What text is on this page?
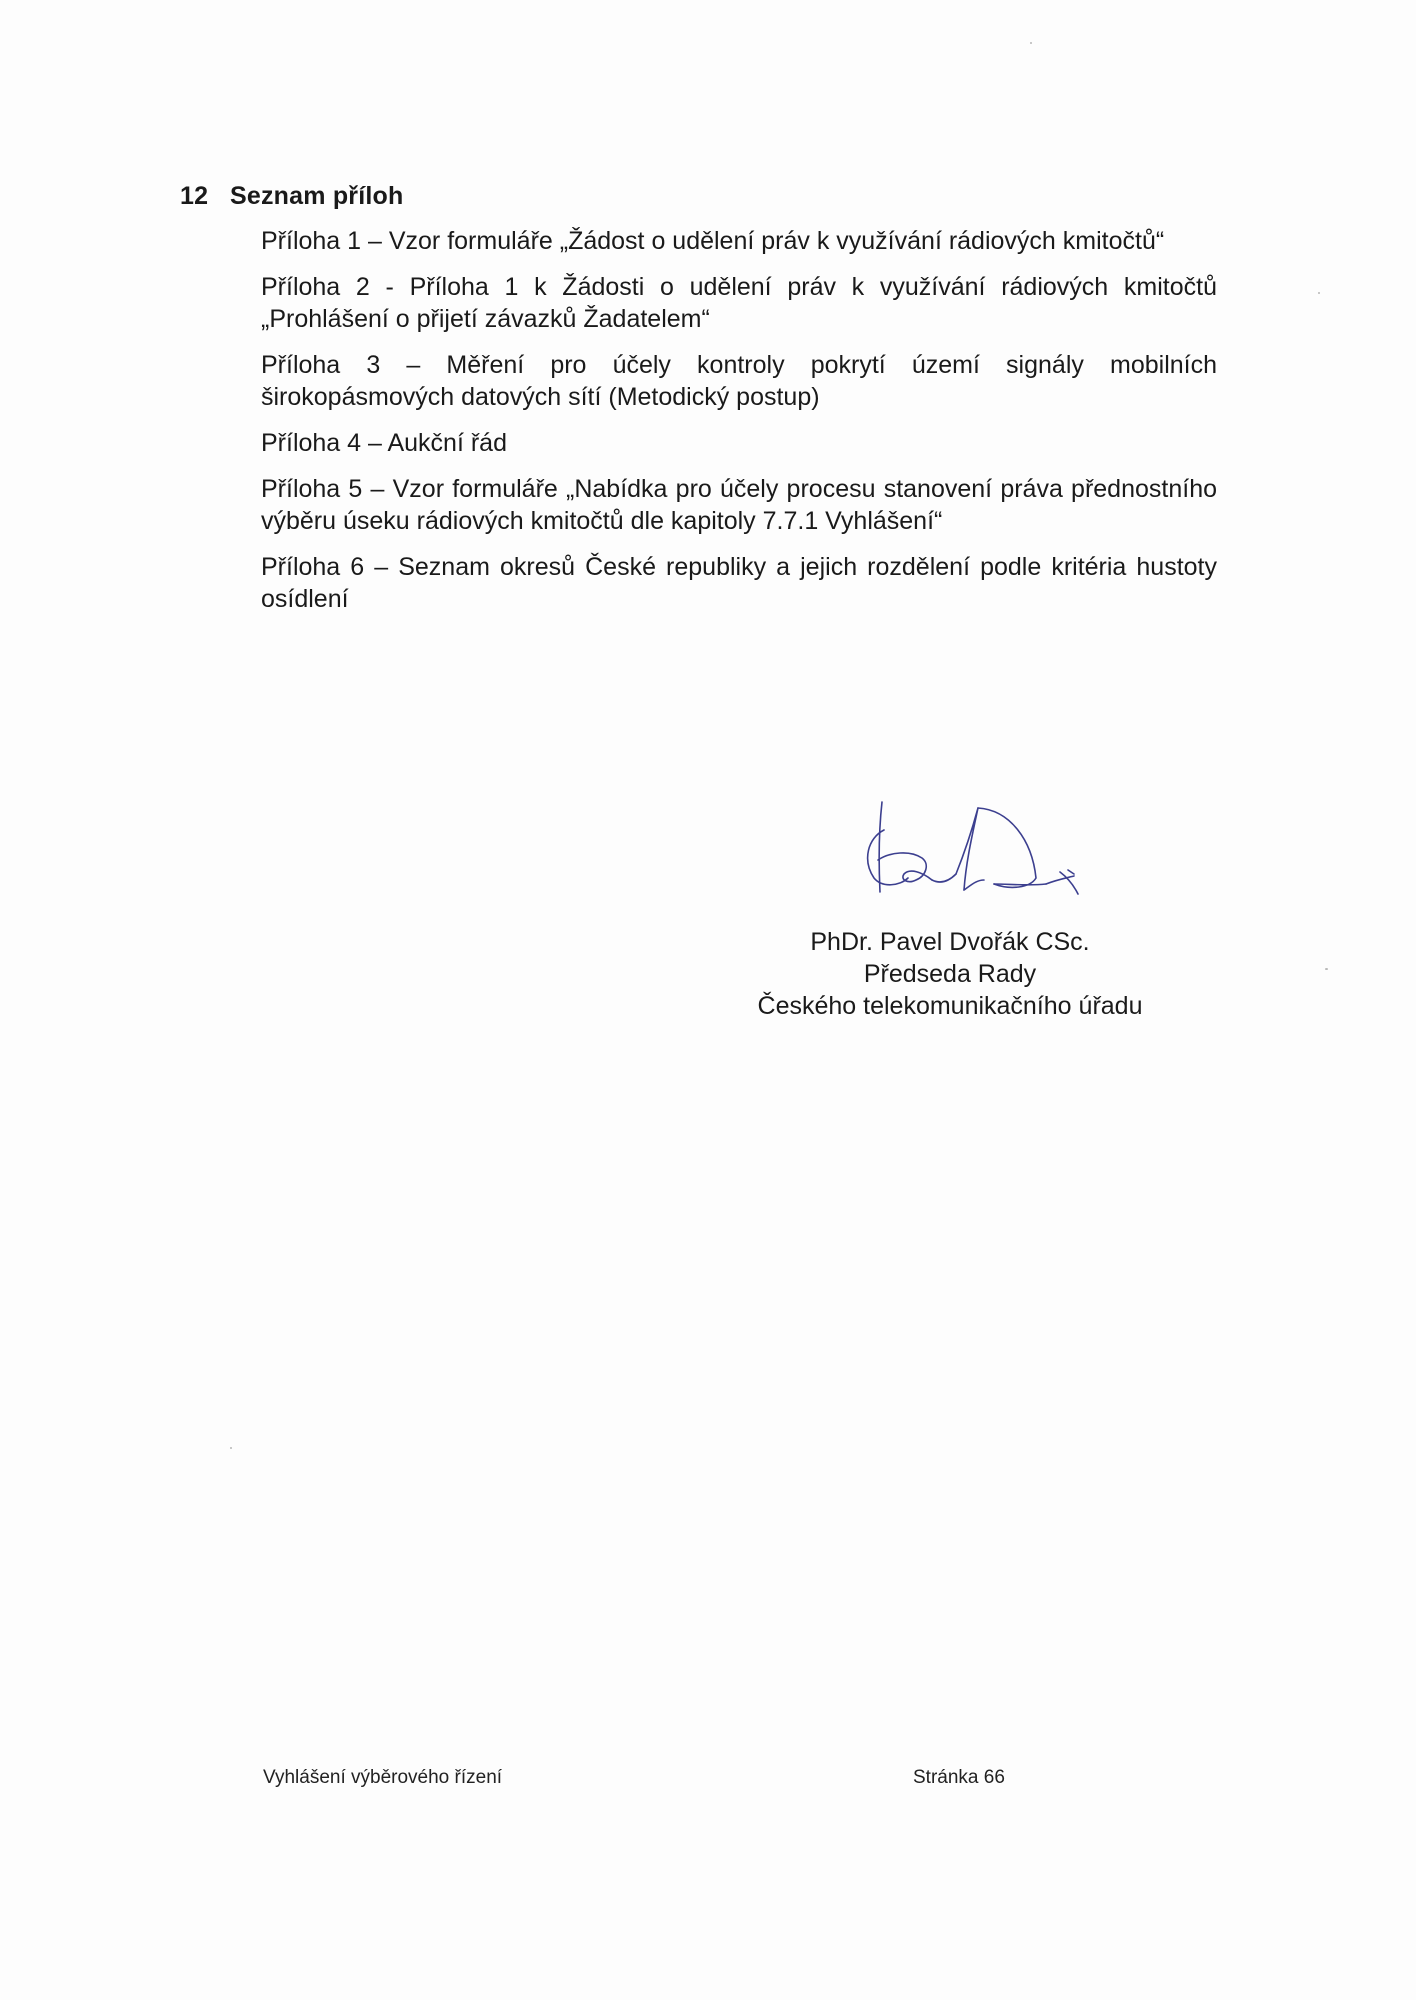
12 Seznam příloh
Příloha 1 – Vzor formuláře „Žádost o udělení práv k využívání rádiových kmitočtů“
Příloha 2 - Příloha 1 k Žádosti o udělení práv k využívání rádiových kmitočtů „Prohlášení o přijetí závazků Žadatelem“
Příloha 3 – Měření pro účely kontroly pokrytí území signály mobilních širokopásmových datových sítí (Metodický postup)
Příloha 4 – Aukční řád
Příloha 5 – Vzor formuláře „Nabídka pro účely procesu stanovení práva přednostního výběru úseku rádiových kmitočtů dle kapitoly 7.7.1 Vyhlášení“
Příloha 6 – Seznam okresů České republiky a jejich rozdělení podle kritéria hustoty osídlení
PhDr. Pavel Dvořák CSc.
Předseda Rady
Českého telekomunikačního úřadu
Vyhlášení výběrového řízení	Stránka 66
